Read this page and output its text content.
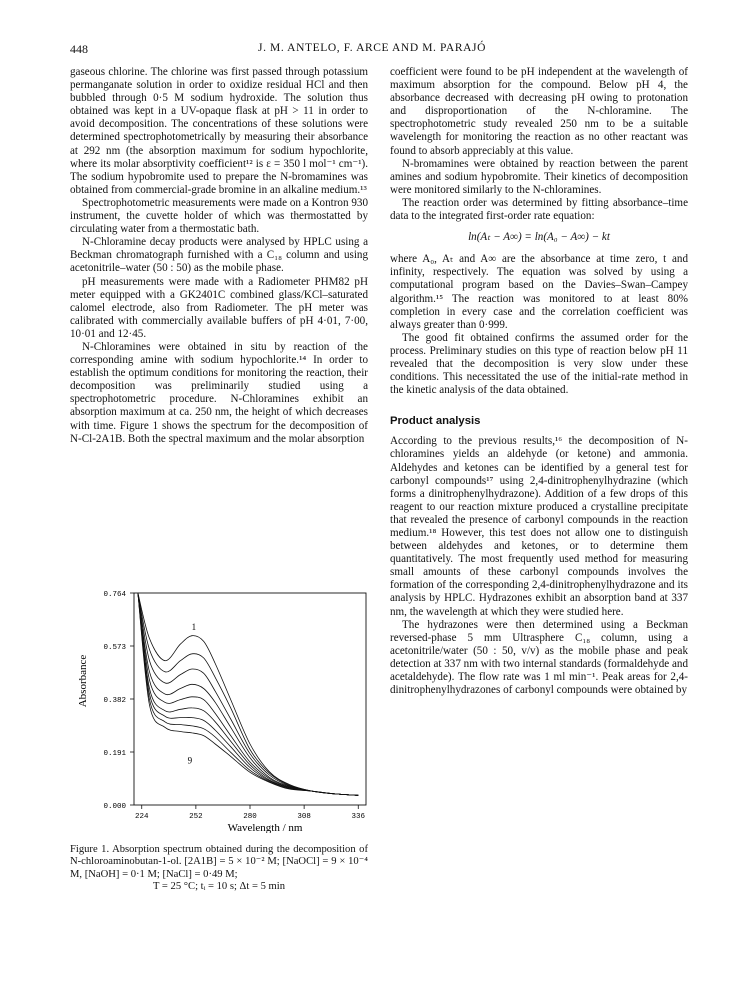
448	J. M. ANTELO, F. ARCE AND M. PARAJÓ

gaseous chlorine. The chlorine was first passed through potassium permanganate solution in order to oxidize residual HCl and then bubbled through 0·5 M sodium hydroxide. The solution thus obtained was kept in a UV-opaque flask at pH > 11 in order to avoid decomposition. The concentrations of these solutions were determined spectrophotometrically by measuring their absorbance at 292 nm (the absorption maximum for sodium hypochlorite, where its molar absorptivity coefficient¹² is ε = 350 l mol⁻¹ cm⁻¹). The sodium hypobromite used to prepare the N-bromamines was obtained from commercial-grade bromine in an alkaline medium.¹³

Spectrophotometric measurements were made on a Kontron 930 instrument, the cuvette holder of which was thermostatted by circulating water from a thermostatic bath.

N-Chloramine decay products were analysed by HPLC using a Beckman chromatograph furnished with a C₁₈ column and using acetonitrile–water (50 : 50) as the mobile phase.

pH measurements were made with a Radiometer PHM82 pH meter equipped with a GK2401C combined glass/KCl–saturated calomel electrode, also from Radiometer. The pH meter was calibrated with commercially available buffers of pH 4·01, 7·00, 10·01 and 12·45.

N-Chloramines were obtained in situ by reaction of the corresponding amine with sodium hypochlorite.¹⁴ In order to establish the optimum conditions for monitoring the reaction, their decomposition was preliminarily studied using a spectrophotometric procedure. N-Chloramines exhibit an absorption maximum at ca. 250 nm, the height of which decreases with time. Figure 1 shows the spectrum for the decomposition of N-Cl-2A1B. Both the spectral maximum and the molar absorption

Absorbance
Wavelength / nm
0.764
0.573
0.382
0.191
0.000
224	252	280	308	336
1
9
Figure 1. Absorption spectrum obtained during the decomposition of N-chloroaminobutan-1-ol. [2A1B] = 5 × 10⁻² M; [NaOCl] = 9 × 10⁻⁴ M, [NaOH] = 0·1 M; [NaCl] = 0·49 M;
T = 25 °C; tᵢ = 10 s; Δt = 5 min

coefficient were found to be pH independent at the wavelength of maximum absorption for the compound. Below pH 4, the absorbance decreased with decreasing pH owing to protonation and disproportionation of the N-chloramine. The spectrophotometric study revealed 250 nm to be a suitable wavelength for monitoring the reaction as no other reactant was found to absorb appreciably at this value.

N-bromamines were obtained by reaction between the parent amines and sodium hypobromite. Their kinetics of decomposition were monitored similarly to the N-chloramines.

The reaction order was determined by fitting absorbance–time data to the integrated first-order rate equation:

ln(Aₜ − A∞) = ln(A₀ − A∞) − kt

where A₀, Aₜ and A∞ are the absorbance at time zero, t and infinity, respectively. The equation was solved by using a computational program based on the Davies–Swan–Campey algorithm.¹⁵ The reaction was monitored to at least 80% completion in every case and the correlation coefficient was always greater than 0·999.

The good fit obtained confirms the assumed order for the process. Preliminary studies on this type of reaction below pH 11 revealed that the decomposition is very slow under these conditions. This necessitated the use of the initial-rate method in the kinetic analysis of the data obtained.

Product analysis

According to the previous results,¹⁶ the decomposition of N-chloramines yields an aldehyde (or ketone) and ammonia. Aldehydes and ketones can be identified by a general test for carbonyl compounds¹⁷ using 2,4-dinitrophenylhydrazine (which forms a dinitrophenylhydrazone). Addition of a few drops of this reagent to our reaction mixture produced a crystalline precipitate that revealed the presence of carbonyl compounds in the reaction medium.¹⁸ However, this test does not allow one to distinguish between aldehydes and ketones, or to determine them quantitatively. The most frequently used method for measuring small amounts of these carbonyl compounds involves the formation of the corresponding 2,4-dinitrophenylhydrazone and its analysis by HPLC. Hydrazones exhibit an absorption band at 337 nm, the wavelength at which they were studied here.

The hydrazones were then determined using a Beckman reversed-phase 5 mm Ultrasphere C₁₈ column, using a acetonitrile/water (50 : 50, v/v) as the mobile phase and peak detection at 337 nm with two internal standards (formaldehyde and acetaldehyde). The flow rate was 1 ml min⁻¹. Peak areas for 2,4-dinitrophenylhydrazones of carbonyl compounds were obtained by
